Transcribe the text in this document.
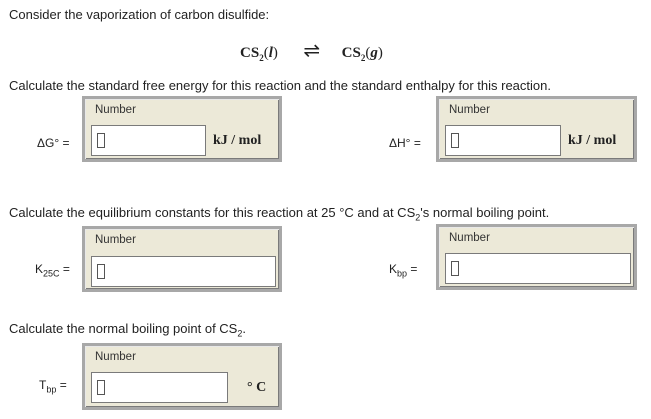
Consider the vaporization of carbon disulfide:
$CS_2(l)$ ⇌ $CS_2(g)$
Calculate the standard free energy for this reaction and the standard enthalpy for this reaction.
ΔG° =
Number
kJ / mol	ΔH° =
Number
kJ / mol
Calculate the equilibrium constants for this reaction at 25 °C and at $CS_2's$ normal boiling point.
$K_{25C}$ =
Number
$K_{bp}$ =
Number
Calculate the normal boiling point of $CS_2$.
$T_{bp}$ =
Number
° C
